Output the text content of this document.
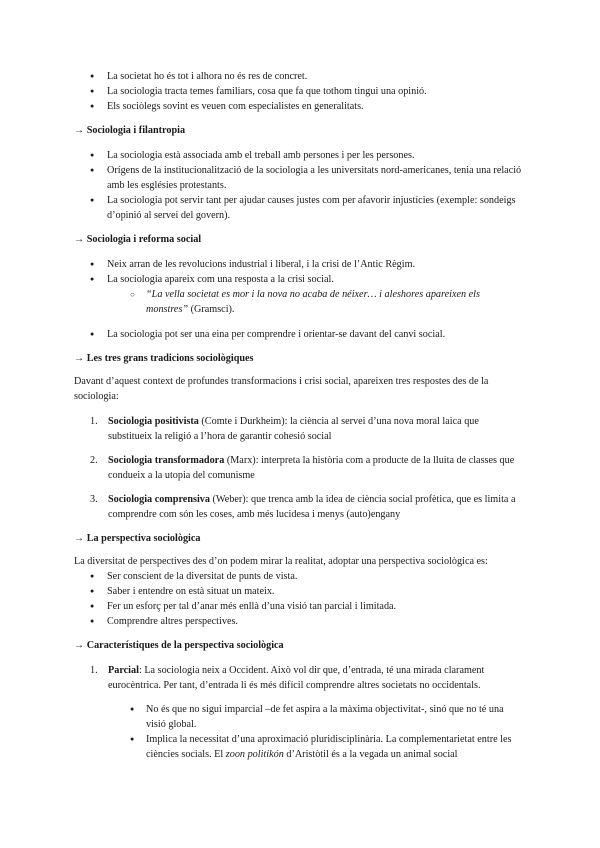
● La societat ho és tot i alhora no és res de concret.
● La sociologia tracta temes familiars, cosa que fa que tothom tingui una opinió.
● Els sociòlegs sovint es veuen com especialistes en generalitats.
→ Sociologia i filantropia
● La sociologia està associada amb el treball amb persones i per les persones.
● Orígens de la institucionalització de la sociologia a les universitats nord-americanes, tenia una relació amb les esglésies protestants.
● La sociologia pot servir tant per ajudar causes justes com per afavorir injustícies (exemple: sondeigs d’opinió al servei del govern).
→ Sociologia i reforma social
● Neix arran de les revolucions industrial i liberal, i la crisi de l’Antic Règim.
● La sociologia apareix com una resposta a la crisi social.
○ “La vella societat es mor i la nova no acaba de néixer… i aleshores apareixen els monstres” (Gramsci).
● La sociologia pot ser una eina per comprendre i orientar-se davant del canvi social.
→ Les tres grans tradicions sociològiques

Davant d’aquest context de profundes transformacions i crisi social, apareixen tres respostes des de la sociologia:

1. Sociologia positivista (Comte i Durkheim): la ciència al servei d’una nova moral laica que substitueix la religió a l’hora de garantir cohesió social
2. Sociologia transformadora (Marx): interpreta la història com a producte de la lluita de classes que condueix a la utopia del comunisme
3. Sociologia comprensiva (Weber): que trenca amb la idea de ciència social profètica, que es limita a comprendre com són les coses, amb més lucidesa i menys (auto)engany
→ La perspectiva sociològica

La diversitat de perspectives des d’on podem mirar la realitat, adoptar una perspectiva sociològica es:

● Ser conscient de la diversitat de punts de vista.
● Saber i entendre on està situat un mateix.
● Fer un esforç per tal d’anar més enllà d’una visió tan parcial i limitada.
● Comprendre altres perspectives.
→ Característiques de la perspectiva sociològica
1. Parcial: La sociologia neix a Occident. Això vol dir que, d’entrada, té una mirada clarament eurocèntrica. Per tant, d’entrada li és més difícil comprendre altres societats no occidentals.
● No és que no sigui imparcial –de fet aspira a la màxima objectivitat-, sinó que no té una visió global.
● Implica la necessitat d’una aproximació pluridisciplinària. La complementarietat entre les ciències socials. El zoon politikón d’Aristòtil és a la vegada un animal social
